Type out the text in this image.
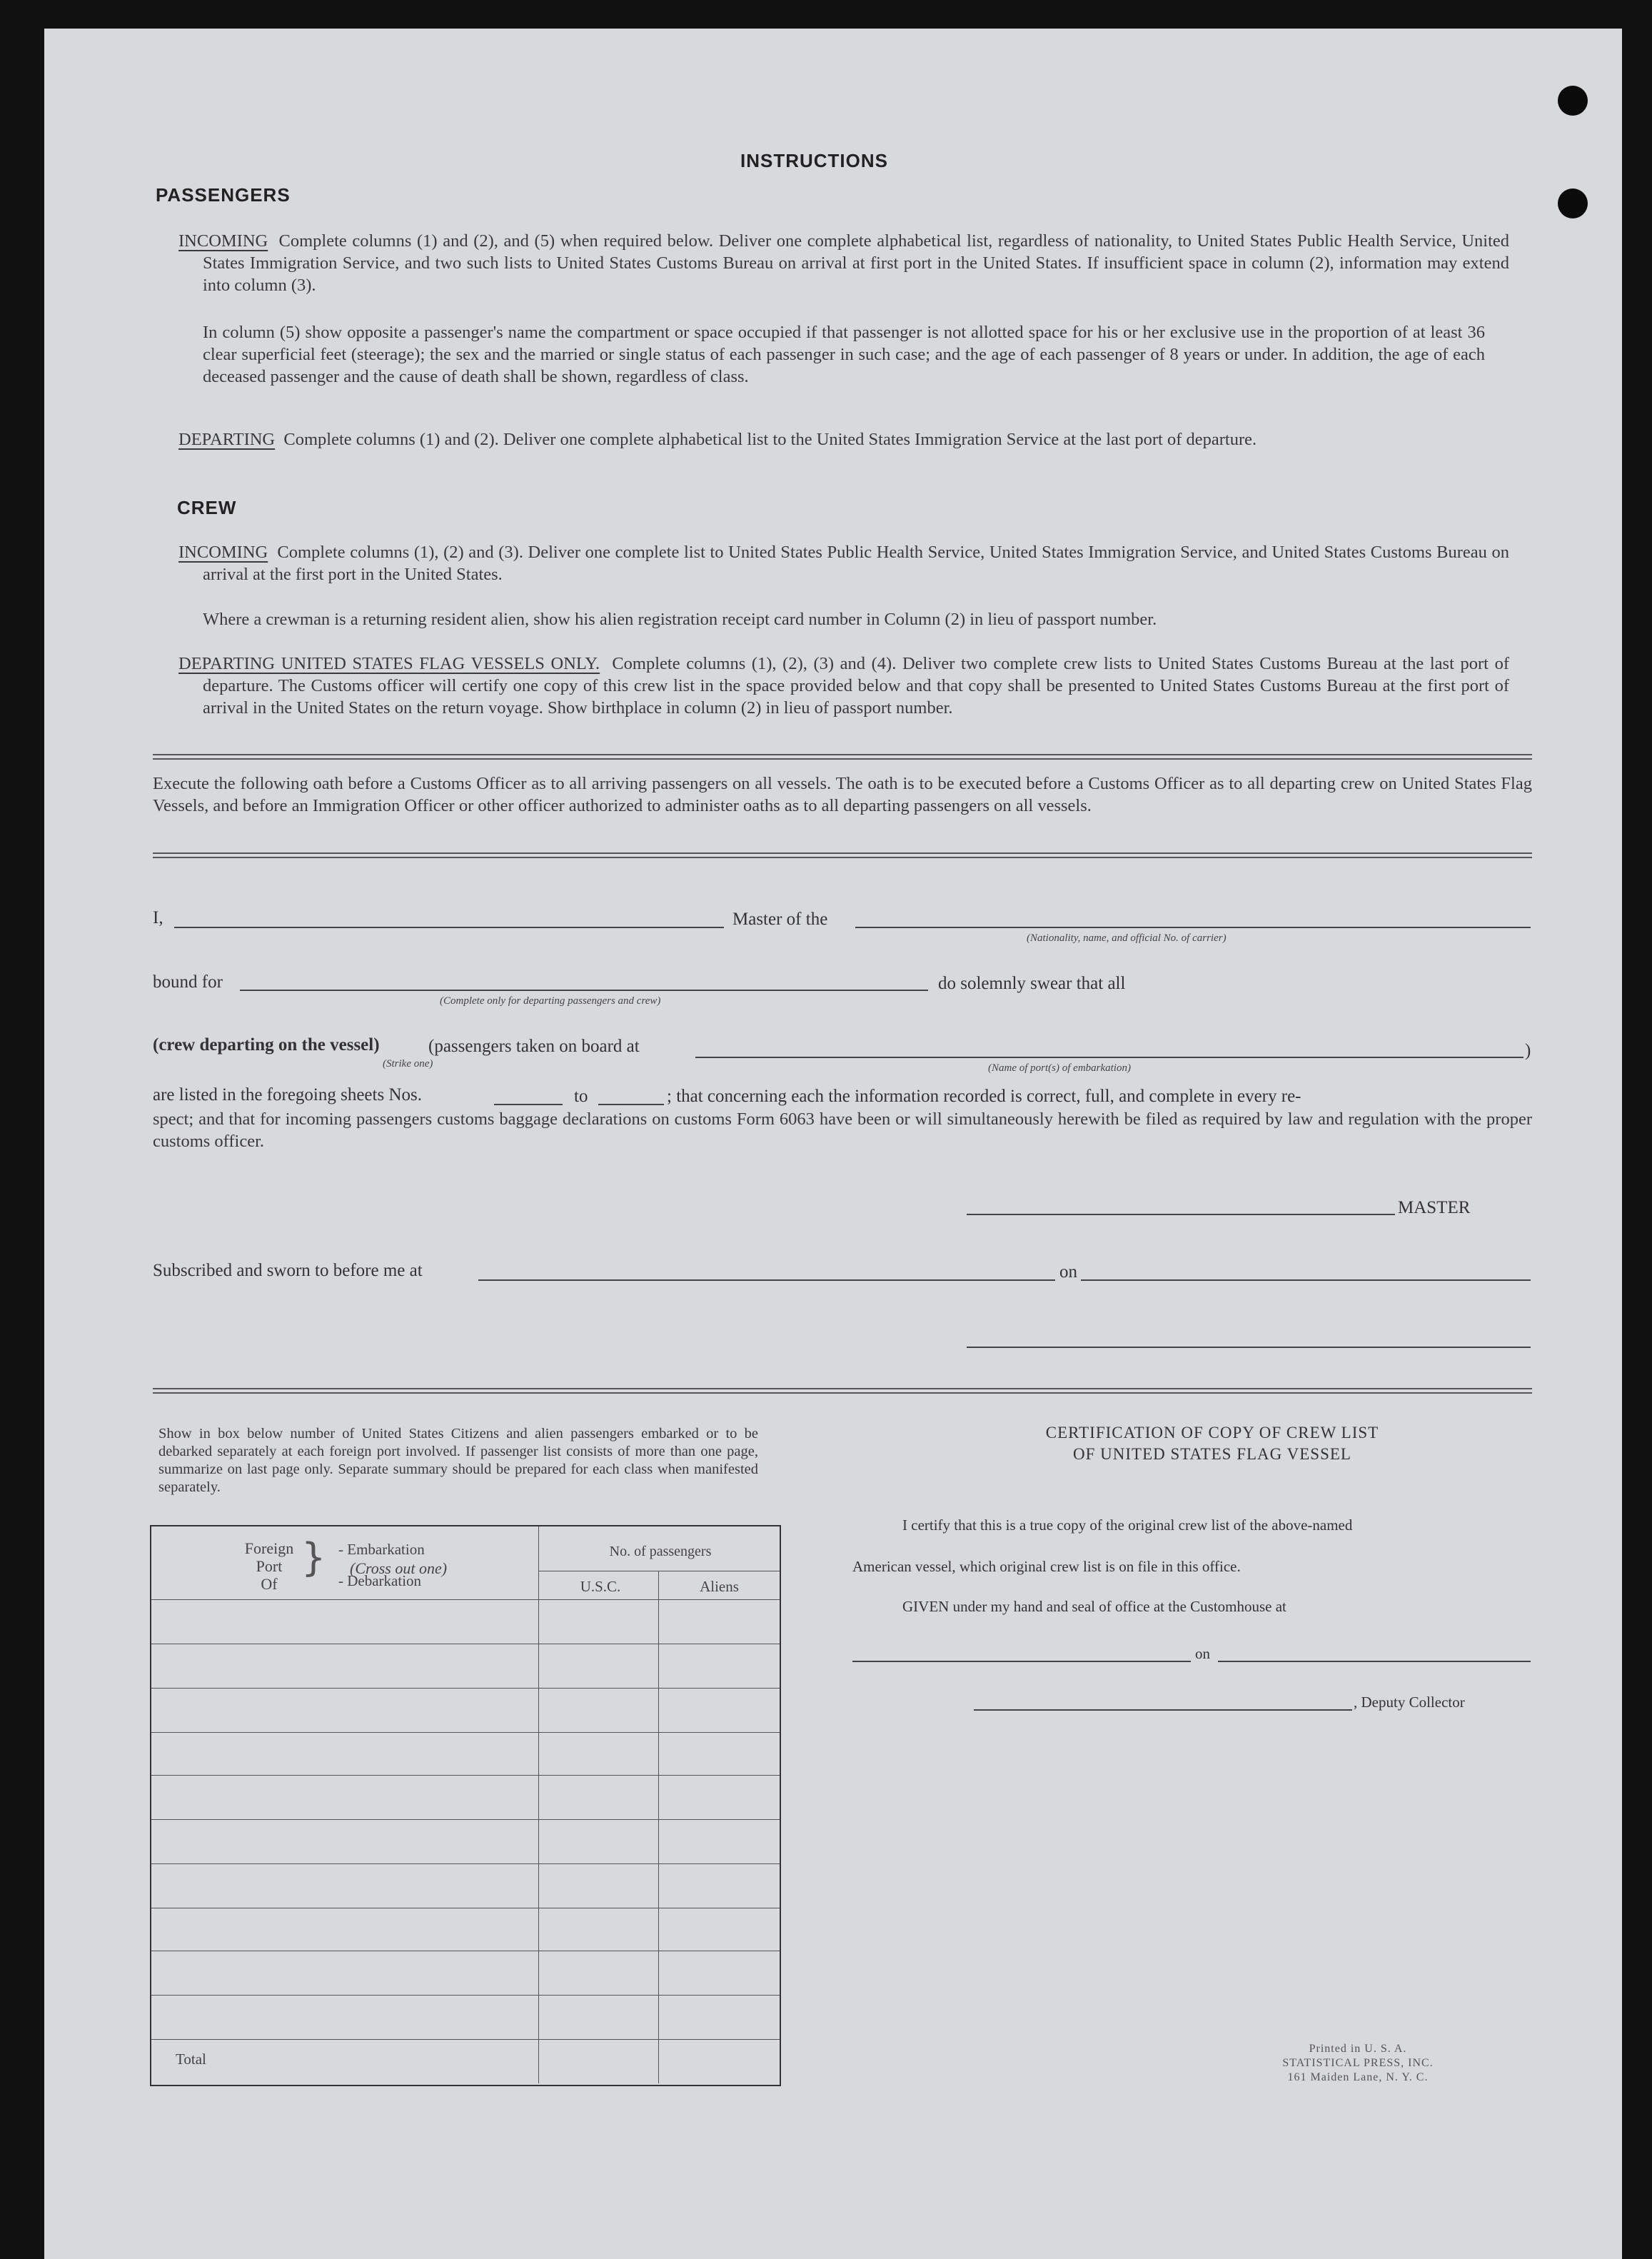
INSTRUCTIONS
PASSENGERS
INCOMING Complete columns (1) and (2), and (5) when required below. Deliver one complete alphabetical list, regardless of nationality, to United States Public Health Service, United States Immigration Service, and two such lists to United States Customs Bureau on arrival at first port in the United States. If insufficient space in column (2), information may extend into column (3).
In column (5) show opposite a passenger's name the compartment or space occupied if that passenger is not allotted space for his or her exclusive use in the proportion of at least 36 clear superficial feet (steerage); the sex and the married or single status of each passenger in such case; and the age of each passenger of 8 years or under. In addition, the age of each deceased passenger and the cause of death shall be shown, regardless of class.
DEPARTING Complete columns (1) and (2). Deliver one complete alphabetical list to the United States Immigration Service at the last port of departure.
CREW
INCOMING Complete columns (1), (2) and (3). Deliver one complete list to United States Public Health Service, United States Immigration Service, and United States Customs Bureau on arrival at the first port in the United States.
Where a crewman is a returning resident alien, show his alien registration receipt card number in Column (2) in lieu of passport number.
DEPARTING UNITED STATES FLAG VESSELS ONLY. Complete columns (1), (2), (3) and (4). Deliver two complete crew lists to United States Customs Bureau at the last port of departure. The Customs officer will certify one copy of this crew list in the space provided below and that copy shall be presented to United States Customs Bureau at the first port of arrival in the United States on the return voyage. Show birthplace in column (2) in lieu of passport number.
Execute the following oath before a Customs Officer as to all arriving passengers on all vessels. The oath is to be executed before a Customs Officer as to all departing crew on United States Flag Vessels, and before an Immigration Officer or other officer authorized to administer oaths as to all departing passengers on all vessels.
I,	Master of the
(Nationality, name, and official No. of carrier)
bound for
(Complete only for departing passengers and crew)
do solemnly swear that all
(crew departing on the vessel)	(passengers taken on board at
(Strike one)
)
(Name of port(s) of embarkation)
are listed in the foregoing sheets Nos.	to	; that concerning each the information recorded is correct, full, and complete in every re-
spect; and that for incoming passengers customs baggage declarations on customs Form 6063 have been or will simultaneously herewith be filed as required by law and regulation with the proper customs officer.
MASTER
Subscribed and sworn to before me at	on
Show in box below number of United States Citizens and alien passengers embarked or to be debarked separately at each foreign port involved. If passenger list consists of more than one page, summarize on last page only. Separate summary should be prepared for each class when manifested separately.
Foreign
Port
Of
} - Embarkation
(Cross out one)
- Debarkation
No. of passengers
U.S.C.	Aliens
Total
CERTIFICATION OF COPY OF CREW LIST
OF UNITED STATES FLAG VESSEL
I certify that this is a true copy of the original crew list of the above-named
American vessel, which original crew list is on file in this office.
GIVEN under my hand and seal of office at the Customhouse at
on
, Deputy Collector
Printed in U. S. A.
STATISTICAL PRESS, INC.
161 Maiden Lane, N. Y. C.
